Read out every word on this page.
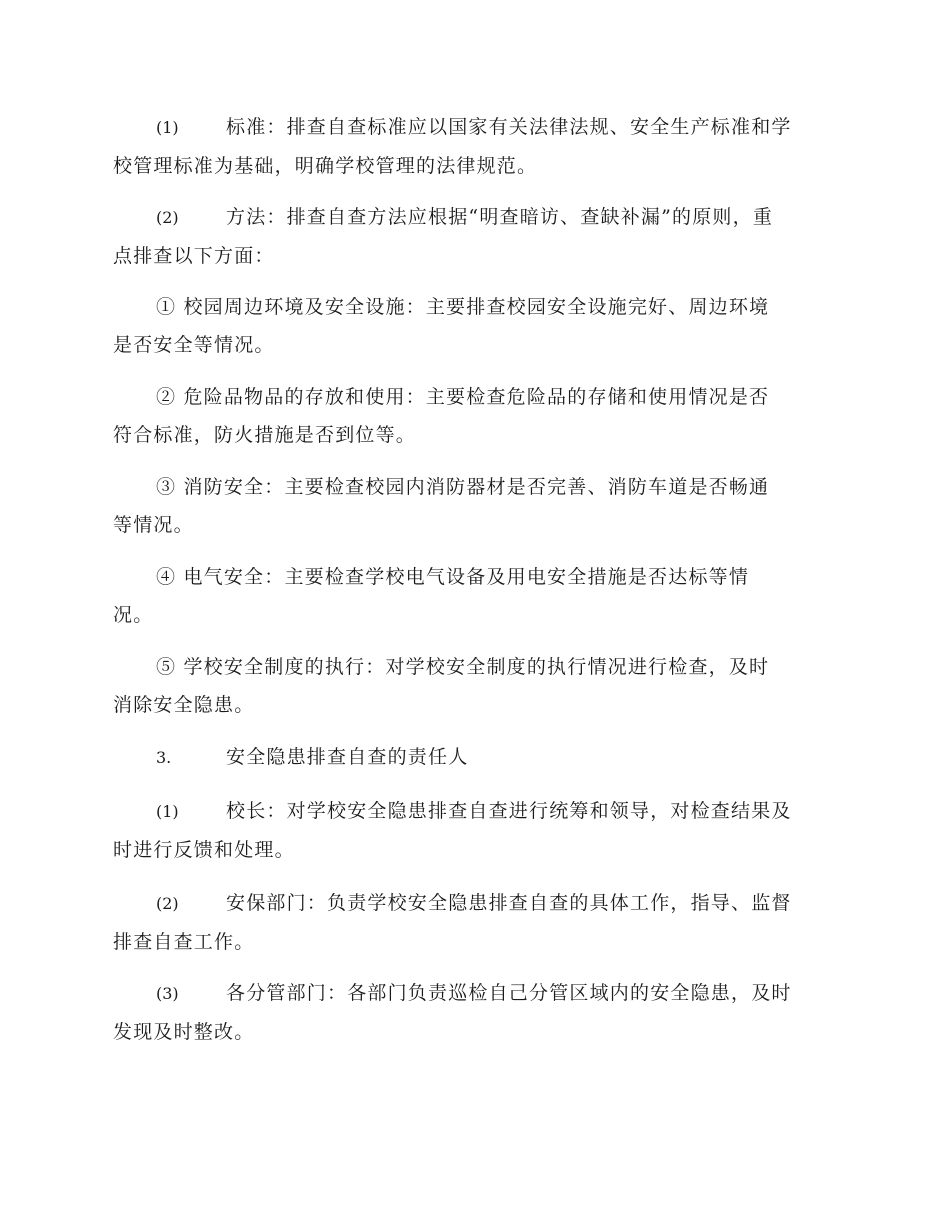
(1) 标准：排查自查标准应以国家有关法律法规、安全生产标准和学
校管理标准为基础，明确学校管理的法律规范。

(2) 方法：排查自查方法应根据“明查暗访、查缺补漏”的原则，重
点排查以下方面：

① 校园周边环境及安全设施：主要排查校园安全设施完好、周边环境
是否安全等情况。

② 危险品物品的存放和使用：主要检查危险品的存储和使用情况是否
符合标准，防火措施是否到位等。

③ 消防安全：主要检查校园内消防器材是否完善、消防车道是否畅通
等情况。

④ 电气安全：主要检查学校电气设备及用电安全措施是否达标等情
况。

⑤ 学校安全制度的执行：对学校安全制度的执行情况进行检查，及时
消除安全隐患。

3.	安全隐患排查自查的责任人

(1) 校长：对学校安全隐患排查自查进行统筹和领导，对检查结果及
时进行反馈和处理。

(2) 安保部门：负责学校安全隐患排查自查的具体工作，指导、监督
排查自查工作。

(3) 各分管部门：各部门负责巡检自己分管区域内的安全隐患，及时
发现及时整改。
